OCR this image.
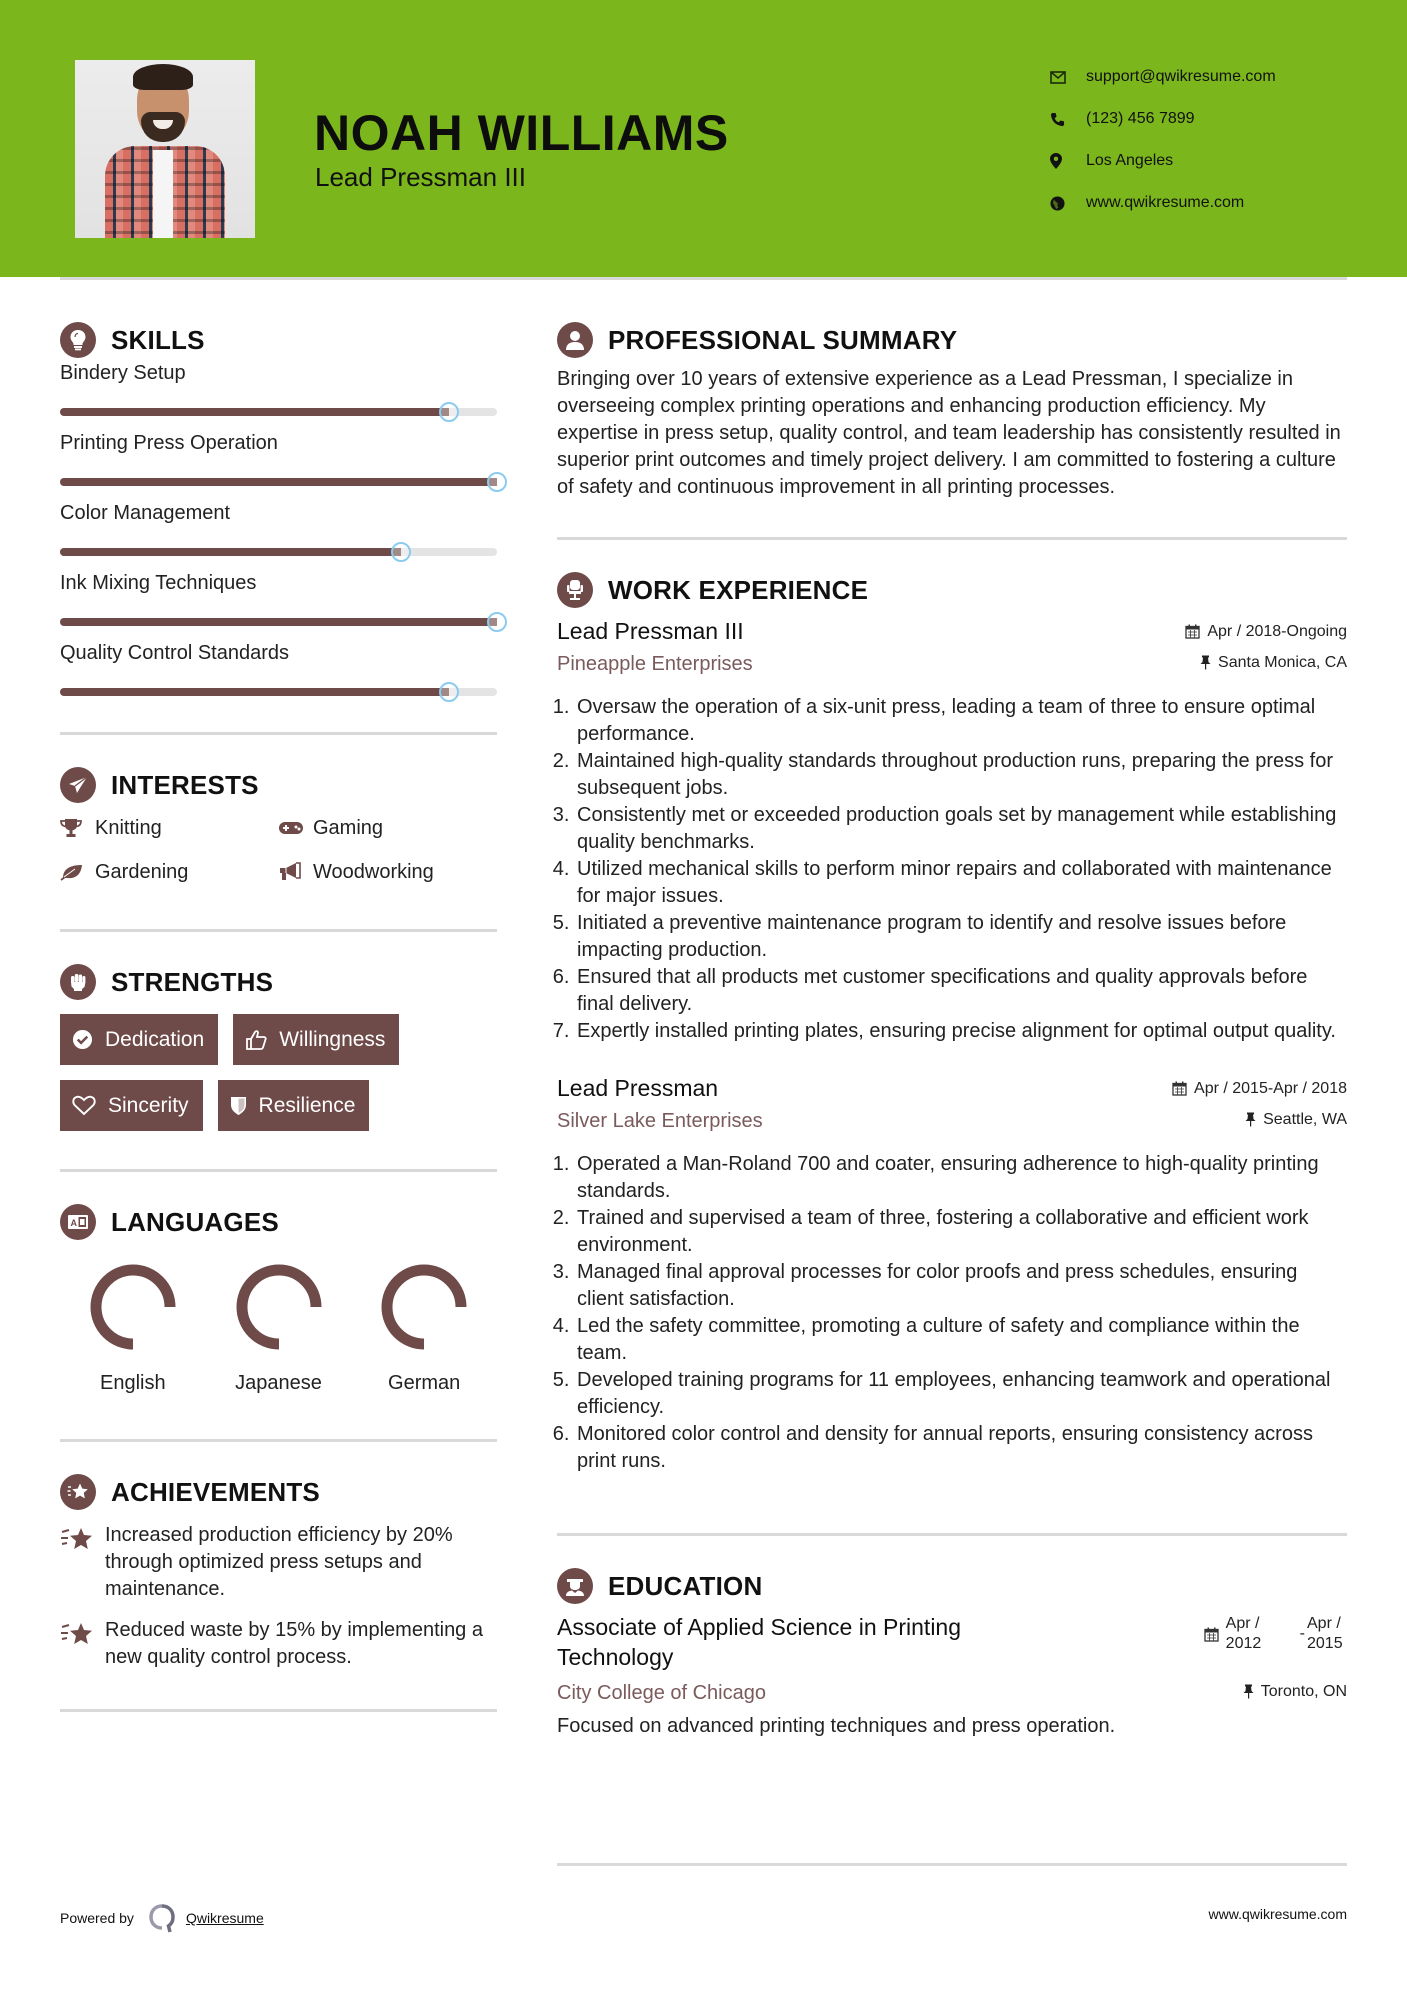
NOAH WILLIAMS
Lead Pressman III
support@qwikresume.com
(123) 456 7899
Los Angeles
www.qwikresume.com
SKILLS
Bindery Setup
Printing Press Operation
Color Management
Ink Mixing Techniques
Quality Control Standards
INTERESTS
Knitting	Gaming
Gardening	Woodworking
STRENGTHS
Dedication	Willingness
Sincerity	Resilience
A LANGUAGES
English	Japanese	German
ACHIEVEMENTS
Increased production efficiency by 20% through optimized press setups and maintenance.
Reduced waste by 15% by implementing a new quality control process.
PROFESSIONAL SUMMARY

Bringing over 10 years of extensive experience as a Lead Pressman, I specialize in overseeing complex printing operations and enhancing production efficiency. My expertise in press setup, quality control, and team leadership has consistently resulted in superior print outcomes and timely project delivery. I am committed to fostering a culture of safety and continuous improvement in all printing processes.

WORK EXPERIENCE
Lead Pressman III	Apr / 2018-Ongoing
Pineapple Enterprises	Santa Monica, CA
1. Oversaw the operation of a six-unit press, leading a team of three to ensure optimal performance.
2. Maintained high-quality standards throughout production runs, preparing the press for subsequent jobs.
3. Consistently met or exceeded production goals set by management while establishing quality benchmarks.
4. Utilized mechanical skills to perform minor repairs and collaborated with maintenance for major issues.
5. Initiated a preventive maintenance program to identify and resolve issues before impacting production.
6. Ensured that all products met customer specifications and quality approvals before final delivery.
7. Expertly installed printing plates, ensuring precise alignment for optimal output quality.
Lead Pressman	Apr / 2015-Apr / 2018
Silver Lake Enterprises	Seattle, WA
1. Operated a Man-Roland 700 and coater, ensuring adherence to high-quality printing standards.
2. Trained and supervised a team of three, fostering a collaborative and efficient work environment.
3. Managed final approval processes for color proofs and press schedules, ensuring client satisfaction.
4. Led the safety committee, promoting a culture of safety and compliance within the team.
5. Developed training programs for 11 employees, enhancing teamwork and operational efficiency.
6. Monitored color control and density for annual reports, ensuring consistency across print runs.
EDUCATION
Associate of Applied Science in Printing Technology
Apr / 2012
-
Apr / 2015
City College of Chicago	Toronto, ON

Focused on advanced printing techniques and press operation.

Powered by	Qwikresume	www.qwikresume.com
